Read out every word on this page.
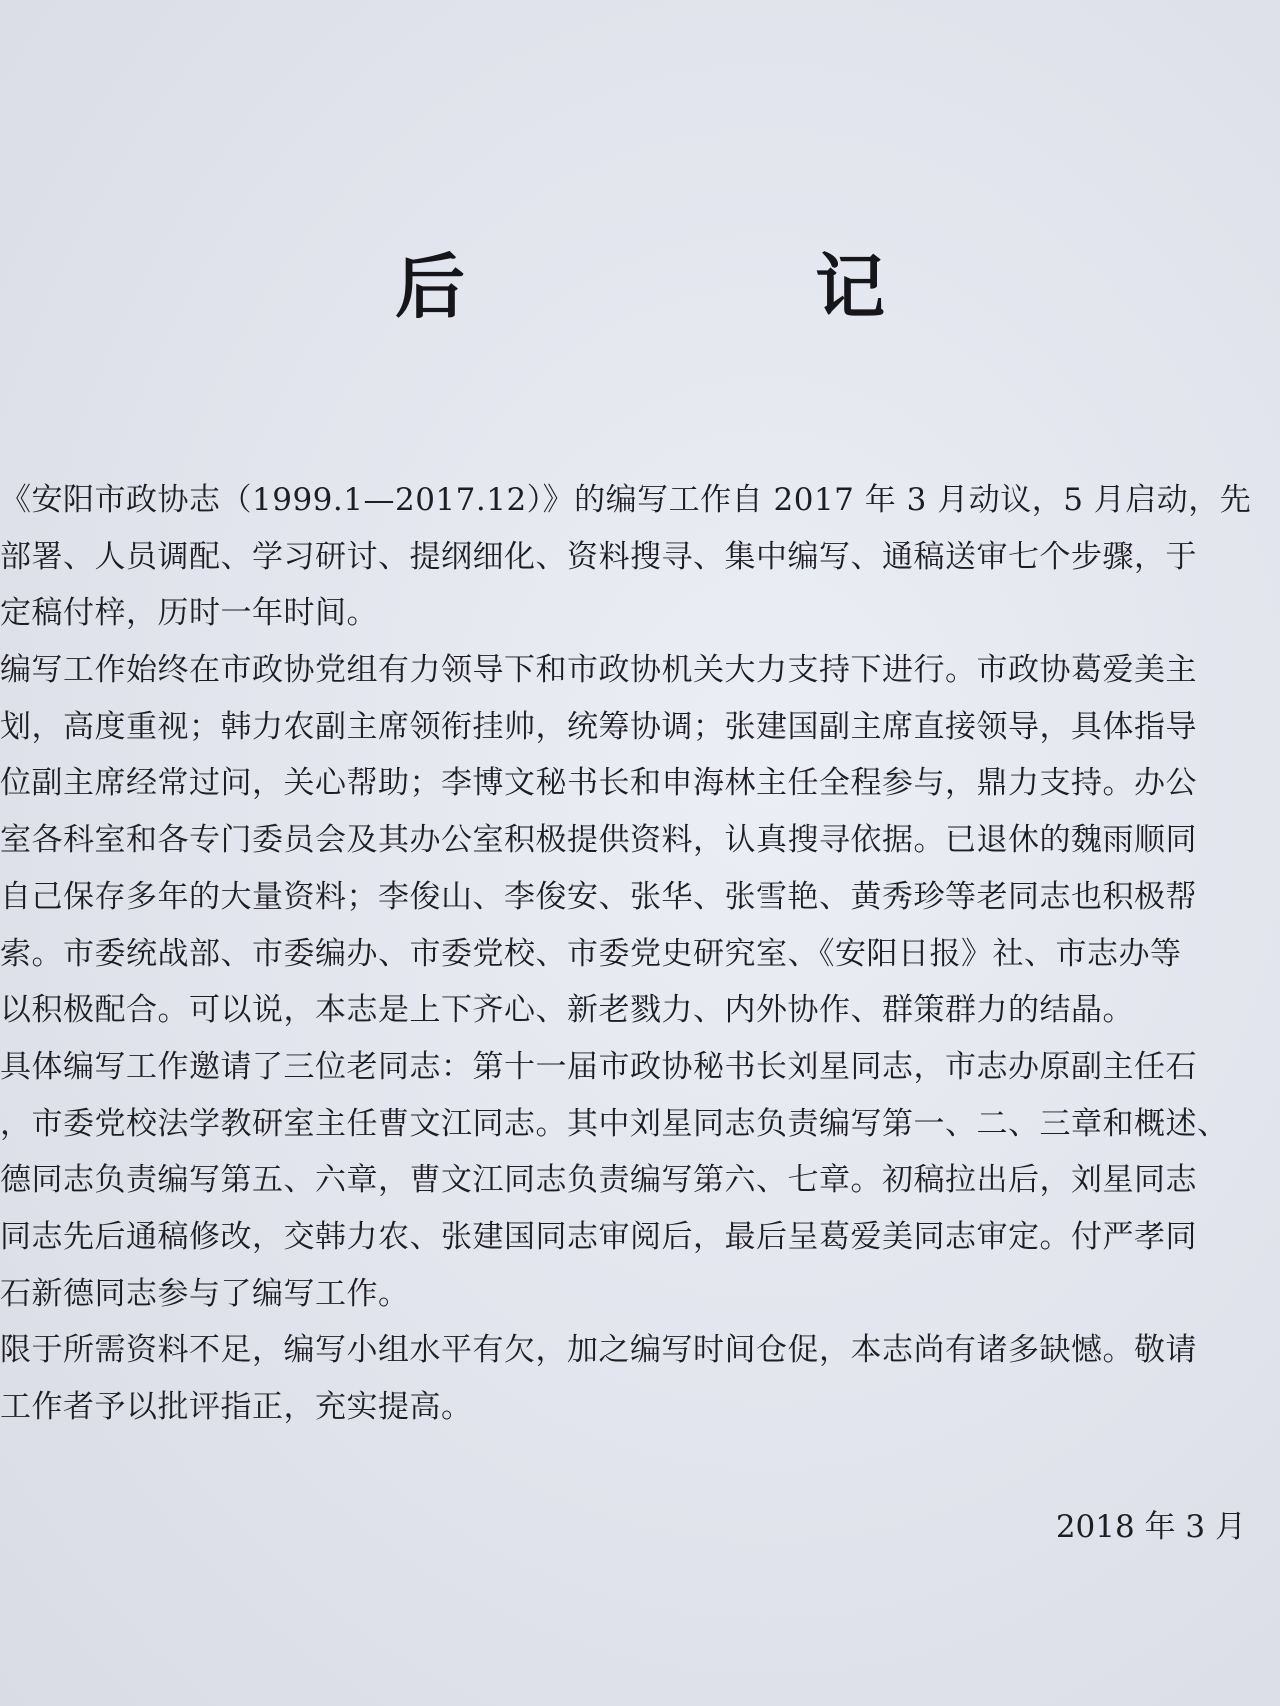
后　记
《安阳市政协志（1999.1—2017.12）》的编写工作自 2017 年 3 月动议，5 月启动，先
部署、人员调配、学习研讨、提纲细化、资料搜寻、集中编写、通稿送审七个步骤，于
定稿付梓，历时一年时间。
编写工作始终在市政协党组有力领导下和市政协机关大力支持下进行。市政协葛爱美主
划，高度重视；韩力农副主席领衔挂帅，统筹协调；张建国副主席直接领导，具体指导
位副主席经常过问，关心帮助；李博文秘书长和申海林主任全程参与，鼎力支持。办公
室各科室和各专门委员会及其办公室积极提供资料，认真搜寻依据。已退休的魏雨顺同
自己保存多年的大量资料；李俊山、李俊安、张华、张雪艳、黄秀珍等老同志也积极帮
索。市委统战部、市委编办、市委党校、市委党史研究室、《安阳日报》社、市志办等
以积极配合。可以说，本志是上下齐心、新老戮力、内外协作、群策群力的结晶。
具体编写工作邀请了三位老同志：第十一届市政协秘书长刘星同志，市志办原副主任石
，市委党校法学教研室主任曹文江同志。其中刘星同志负责编写第一、二、三章和概述、
德同志负责编写第五、六章，曹文江同志负责编写第六、七章。初稿拉出后，刘星同志
同志先后通稿修改，交韩力农、张建国同志审阅后，最后呈葛爱美同志审定。付严孝同
石新德同志参与了编写工作。
限于所需资料不足，编写小组水平有欠，加之编写时间仓促，本志尚有诸多缺憾。敬请
工作者予以批评指正，充实提高。
2018 年 3 月
